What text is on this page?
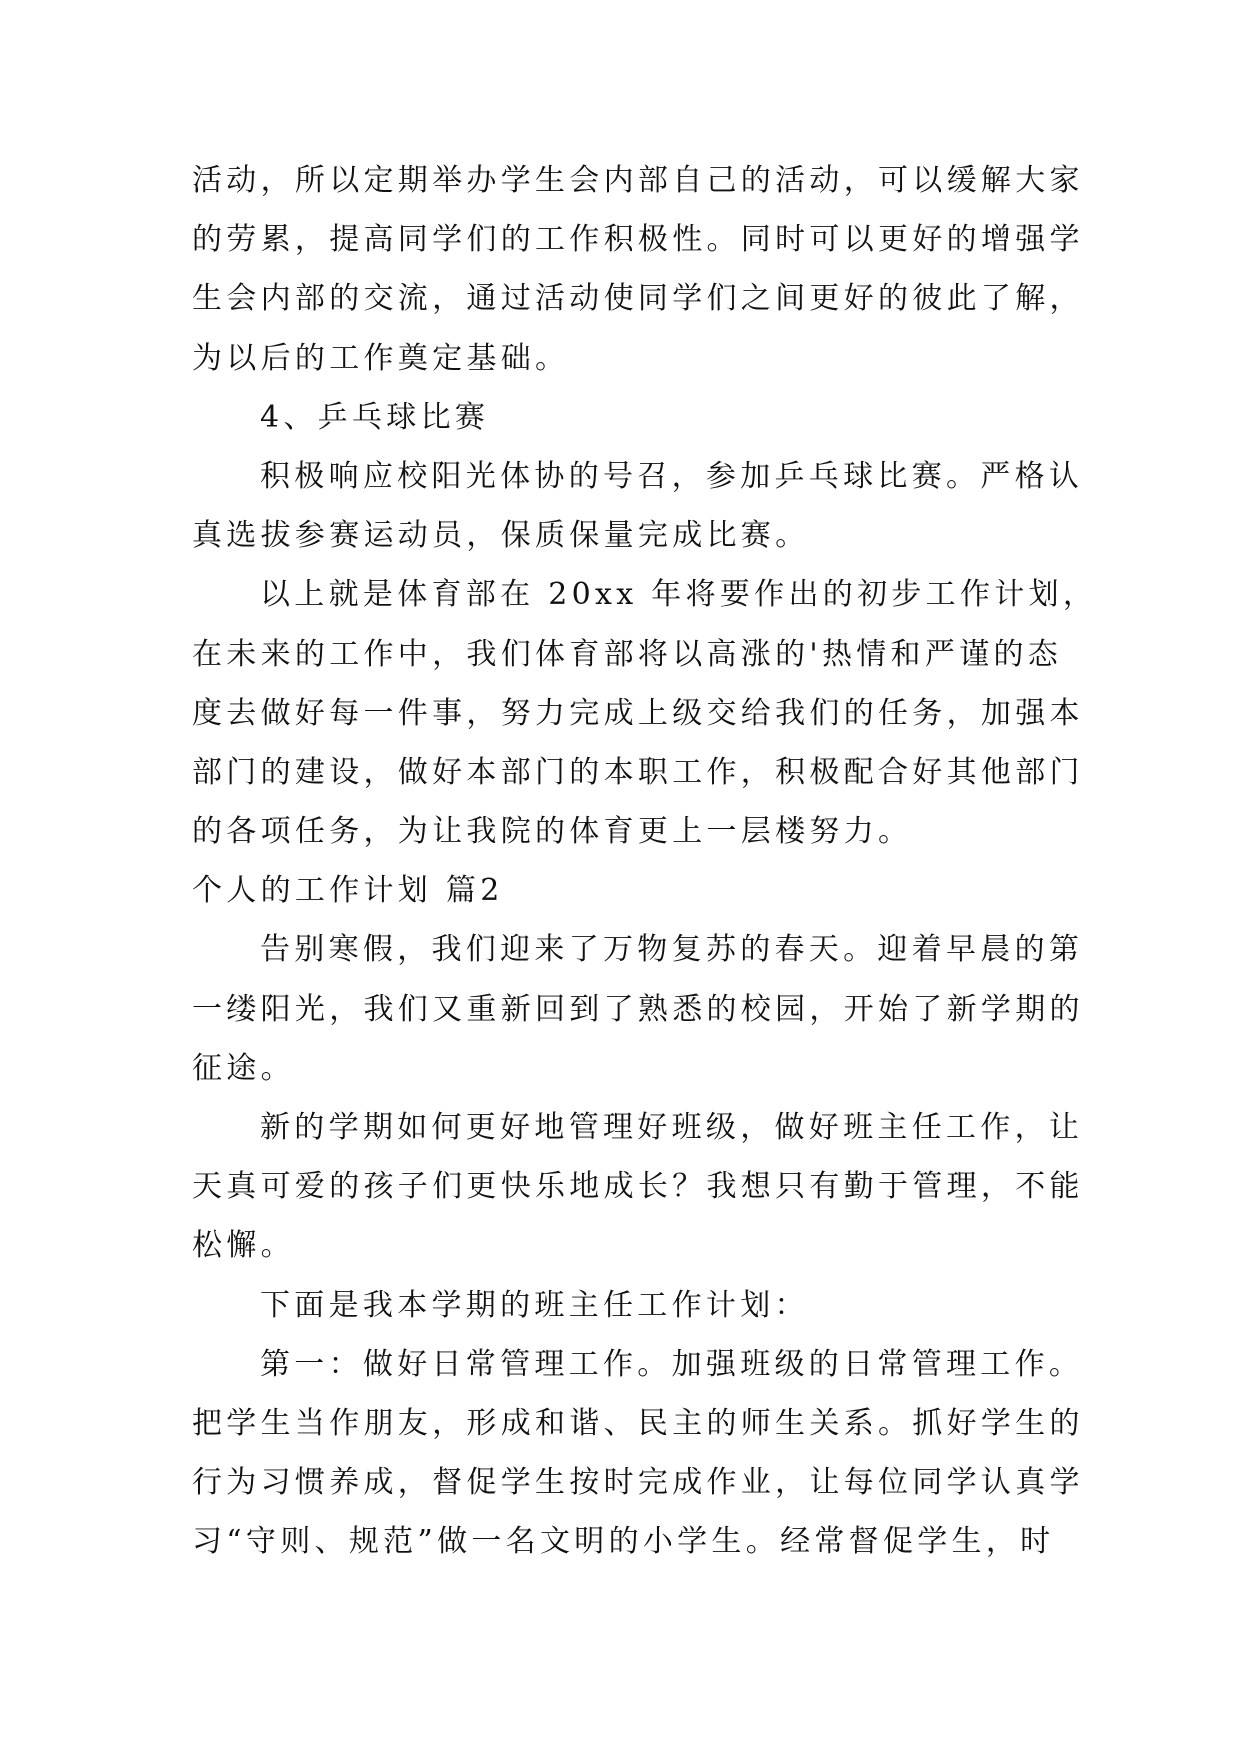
活动，所以定期举办学生会内部自己的活动，可以缓解大家
的劳累，提高同学们的工作积极性。同时可以更好的增强学
生会内部的交流，通过活动使同学们之间更好的彼此了解，
为以后的工作奠定基础。
4、乒乓球比赛
积极响应校阳光体协的号召，参加乒乓球比赛。严格认
真选拔参赛运动员，保质保量完成比赛。
以上就是体育部在 20xx 年将要作出的初步工作计划，
在未来的工作中，我们体育部将以高涨的'热情和严谨的态
度去做好每一件事，努力完成上级交给我们的任务，加强本
部门的建设，做好本部门的本职工作，积极配合好其他部门
的各项任务，为让我院的体育更上一层楼努力。
个人的工作计划 篇2
告别寒假，我们迎来了万物复苏的春天。迎着早晨的第
一缕阳光，我们又重新回到了熟悉的校园，开始了新学期的
征途。
新的学期如何更好地管理好班级，做好班主任工作，让
天真可爱的孩子们更快乐地成长？我想只有勤于管理，不能
松懈。
下面是我本学期的班主任工作计划：
第一：做好日常管理工作。加强班级的日常管理工作。
把学生当作朋友，形成和谐、民主的师生关系。抓好学生的
行为习惯养成，督促学生按时完成作业，让每位同学认真学
习“守则、规范”做一名文明的小学生。经常督促学生，时
